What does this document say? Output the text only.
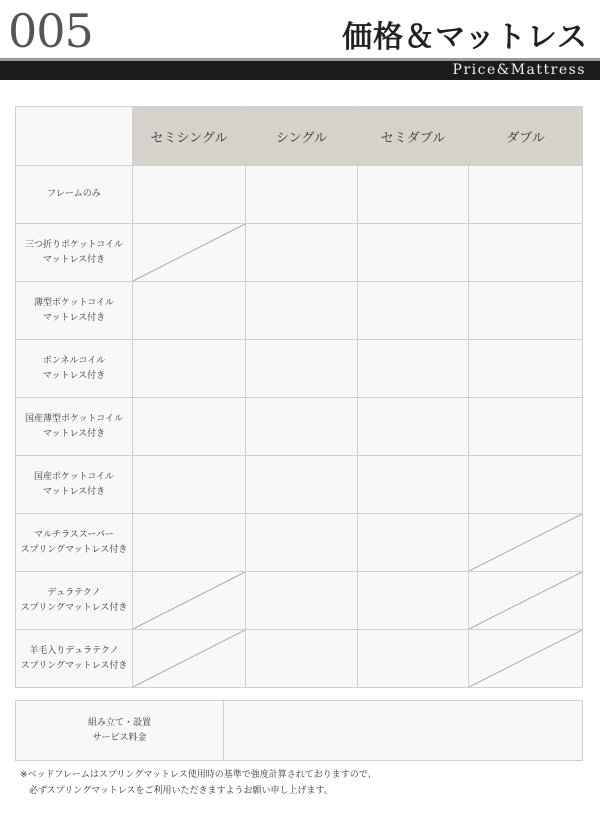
005	価格＆マットレス
Price&Mattress
	セミシングル	シングル	セミダブル	ダブル

フレームのみ				

三つ折りポケットコイル
マットレス付き

薄型ポケットコイル
マットレス付き				

ボンネルコイル
マットレス付き				

国産薄型ポケットコイル
マットレス付き				

国産ポケットコイル
マットレス付き				

マルチラススーパー
スプリングマットレス付き

デュラテクノ
スプリングマットレス付き

羊毛入りデュラテクノ
スプリングマットレス付き

組み立て・設置
サービス料金

※ベッドフレームはスプリングマットレス使用時の基準で強度計算されておりますので、
　必ずスプリングマットレスをご利用いただきますようお願い申し上げます。
